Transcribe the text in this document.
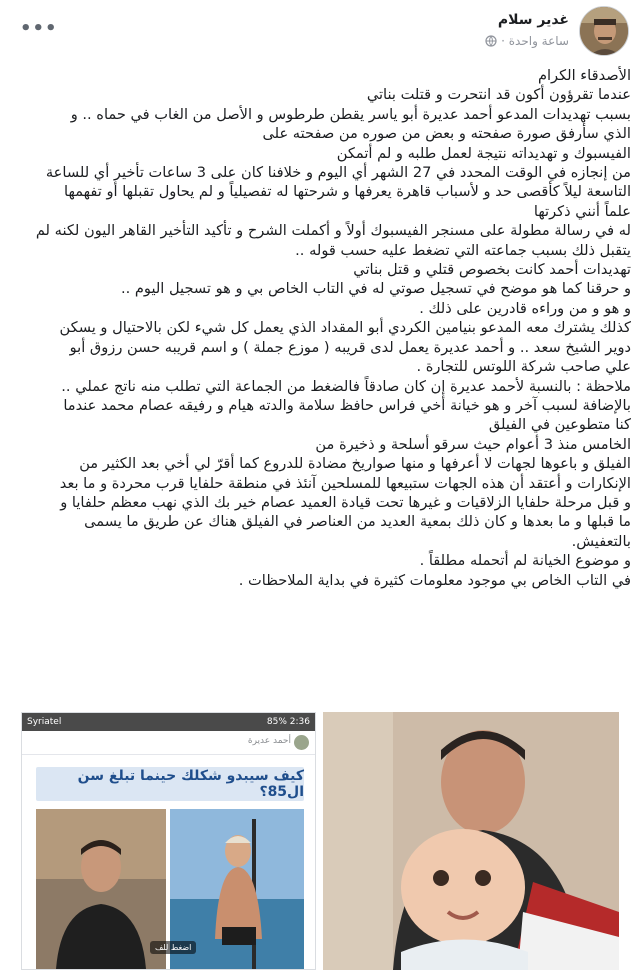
غدير سلام
ساعة واحدة ·
•••

الأصدقاء الكرام

عندما تقرؤون أكون قد انتحرت و قتلت بناتي

بسبب تهديدات المدعو أحمد عديرة أبو ياسر يقطن طرطوس و الأصل من الغاب في حماه .. و

الذي سأرفق صورة صفحته و بعض من صوره من صفحته على

الفيسبوك و تهديداته نتيجة لعمل طلبه و لم أتمكن

من إنجازه في الوقت المحدد في 27 الشهر أي اليوم و خلافنا كان على 3 ساعات تأخير أي للساعة

التاسعة ليلاً كأقصى حد و لأسباب قاهرة يعرفها و شرحتها له تفصيلياً و لم يحاول تقبلها أو تفهمها

علماً أنني ذكرتها

له في رسالة مطولة على مسنجر الفيسبوك أولاً و أكملت الشرح و تأكيد التأخير القاهر اليون لكنه لم

يتقبل ذلك بسبب جماعته التي تضغط عليه حسب قوله ..

تهديدات أحمد كانت بخصوص قتلي و قتل بناتي

و حرقنا كما هو موضح في تسجيل صوتي له في التاب الخاص بي و هو تسجيل اليوم ..

و هو و من وراءه قادرين على ذلك .

كذلك يشترك معه المدعو بنيامين الكردي أبو المقداد الذي يعمل كل شيء لكن بالاحتيال و يسكن

دوير الشيخ سعد .. و أحمد عديرة يعمل لدى قريبه ( موزع جملة ) و اسم قريبه حسن رزوق أبو

علي صاحب شركة اللوتس للتجارة .

ملاحظة : بالنسبة لأحمد عديرة إن كان صادقاً فالضغط من الجماعة التي تطلب منه ناتج عملي ..

بالإضافة لسبب آخر و هو خيانة أخي فراس حافظ سلامة والدته هيام و رفيقه عصام محمد عندما

كنا متطوعين في الفيلق

الخامس منذ 3 أعوام حيث سرقو أسلحة و ذخيرة من

الفيلق و باعوها لجهات لا أعرفها و منها صواريخ مضادة للدروع كما أقرّ لي أخي بعد الكثير من

الإنكارات و أعتقد أن هذه الجهات ستبيعها للمسلحين آنئذ في منطقة حلفايا قرب محردة و ما بعد

و قبل مرحلة حلفايا الزلاقيات و غيرها تحت قيادة العميد عصام خير بك الذي نهب معظم حلفايا و

ما قبلها و ما بعدها و كان ذلك بمعية العديد من العناصر في الفيلق هناك عن طريق ما يسمى

بالتعفيش.

و موضوع الخيانة لم أتحمله مطلقاً .

في التاب الخاص بي موجود معلومات كثيرة في بداية الملاحظات .

Syriatel	85% 2:36
أحمد عديرة
كيف سيبدو شكلك حينما تبلغ سن ال85؟
اضغط للف
